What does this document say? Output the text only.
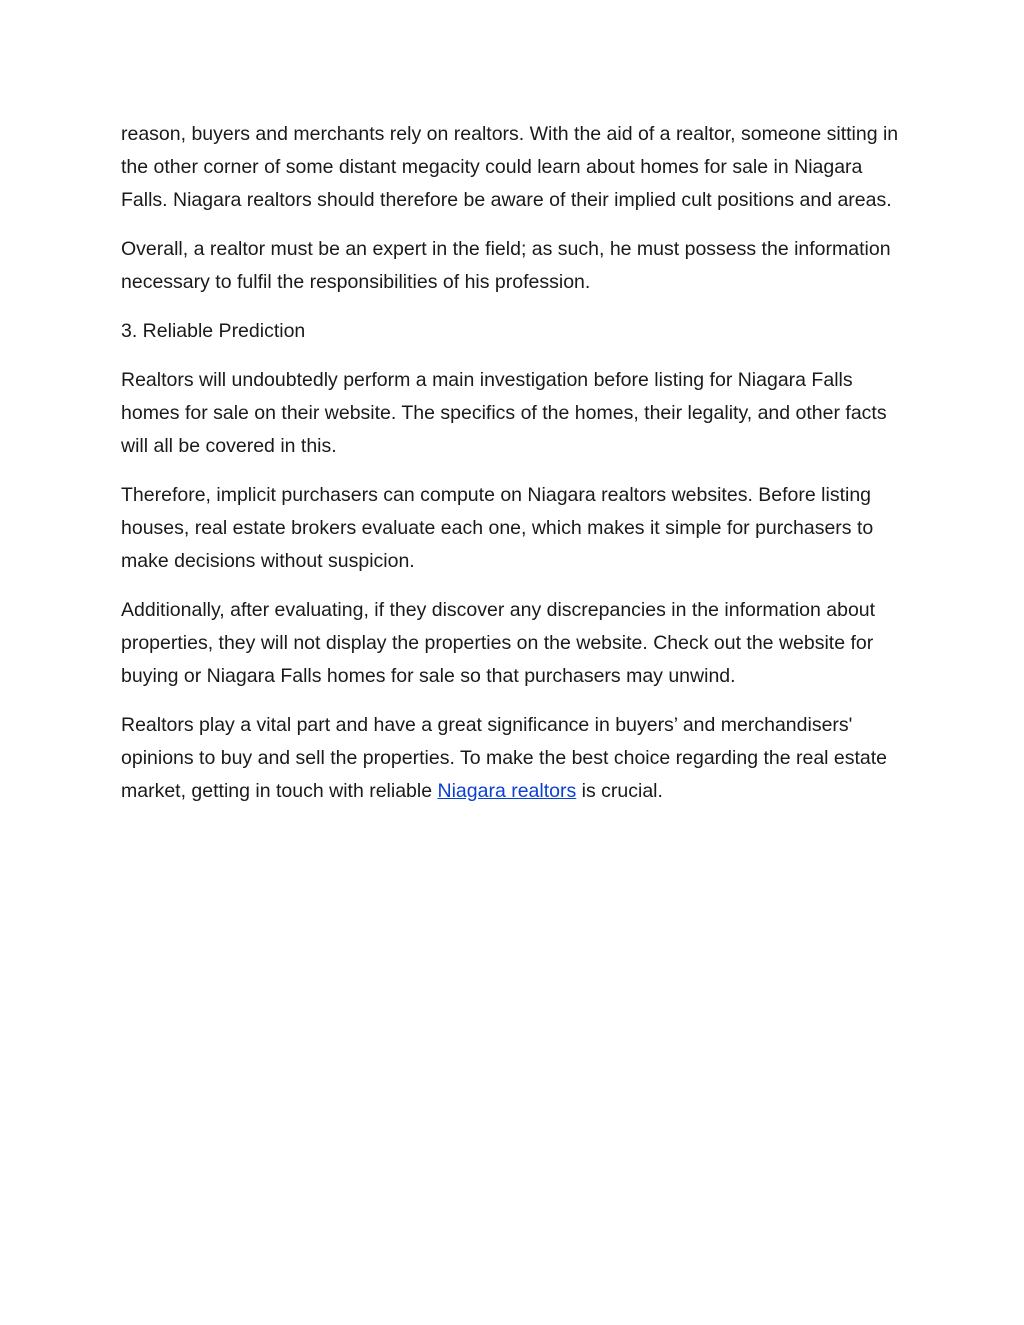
reason, buyers and merchants rely on realtors. With the aid of a realtor, someone sitting in the other corner of some distant megacity could learn about homes for sale in Niagara Falls. Niagara realtors should therefore be aware of their implied cult positions and areas.

Overall, a realtor must be an expert in the field; as such, he must possess the information necessary to fulfil the responsibilities of his profession.

3. Reliable Prediction

Realtors will undoubtedly perform a main investigation before listing for Niagara Falls homes for sale on their website. The specifics of the homes, their legality, and other facts will all be covered in this.

Therefore, implicit purchasers can compute on Niagara realtors websites. Before listing houses, real estate brokers evaluate each one, which makes it simple for purchasers to make decisions without suspicion.

Additionally, after evaluating, if they discover any discrepancies in the information about properties, they will not display the properties on the website. Check out the website for buying or Niagara Falls homes for sale so that purchasers may unwind.

Realtors play a vital part and have a great significance in buyers’ and merchandisers' opinions to buy and sell the properties. To make the best choice regarding the real estate market, getting in touch with reliable Niagara realtors is crucial.
